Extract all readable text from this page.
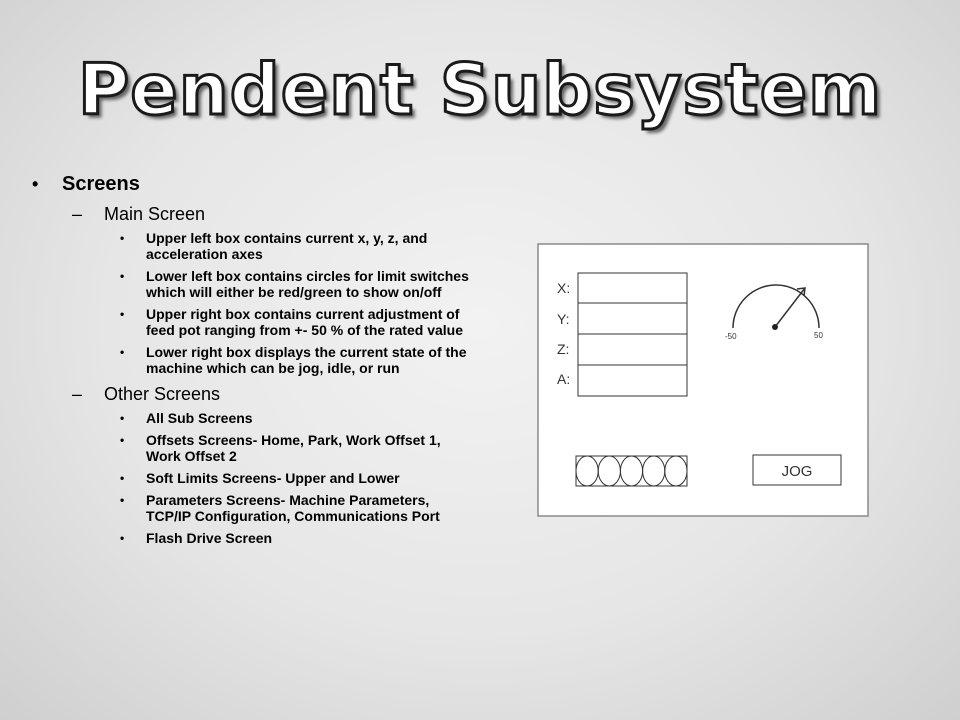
Pendent Subsystem
• Screens
– Main Screen
• Upper left box contains current x, y, z, and acceleration axes
• Lower left box contains circles for limit switches which will either be red/green to show on/off
• Upper right box contains current adjustment of feed pot ranging from +- 50 % of the rated value
• Lower right box displays the current state of the machine which can be jog, idle, or run
– Other Screens
• All Sub Screens
• Offsets Screens- Home, Park, Work Offset 1, Work Offset 2
• Soft Limits Screens- Upper and Lower
• Parameters Screens- Machine Parameters, TCP/IP Configuration, Communications Port
• Flash Drive Screen
X:
Y:
Z:
A:
-50	50
JOG
